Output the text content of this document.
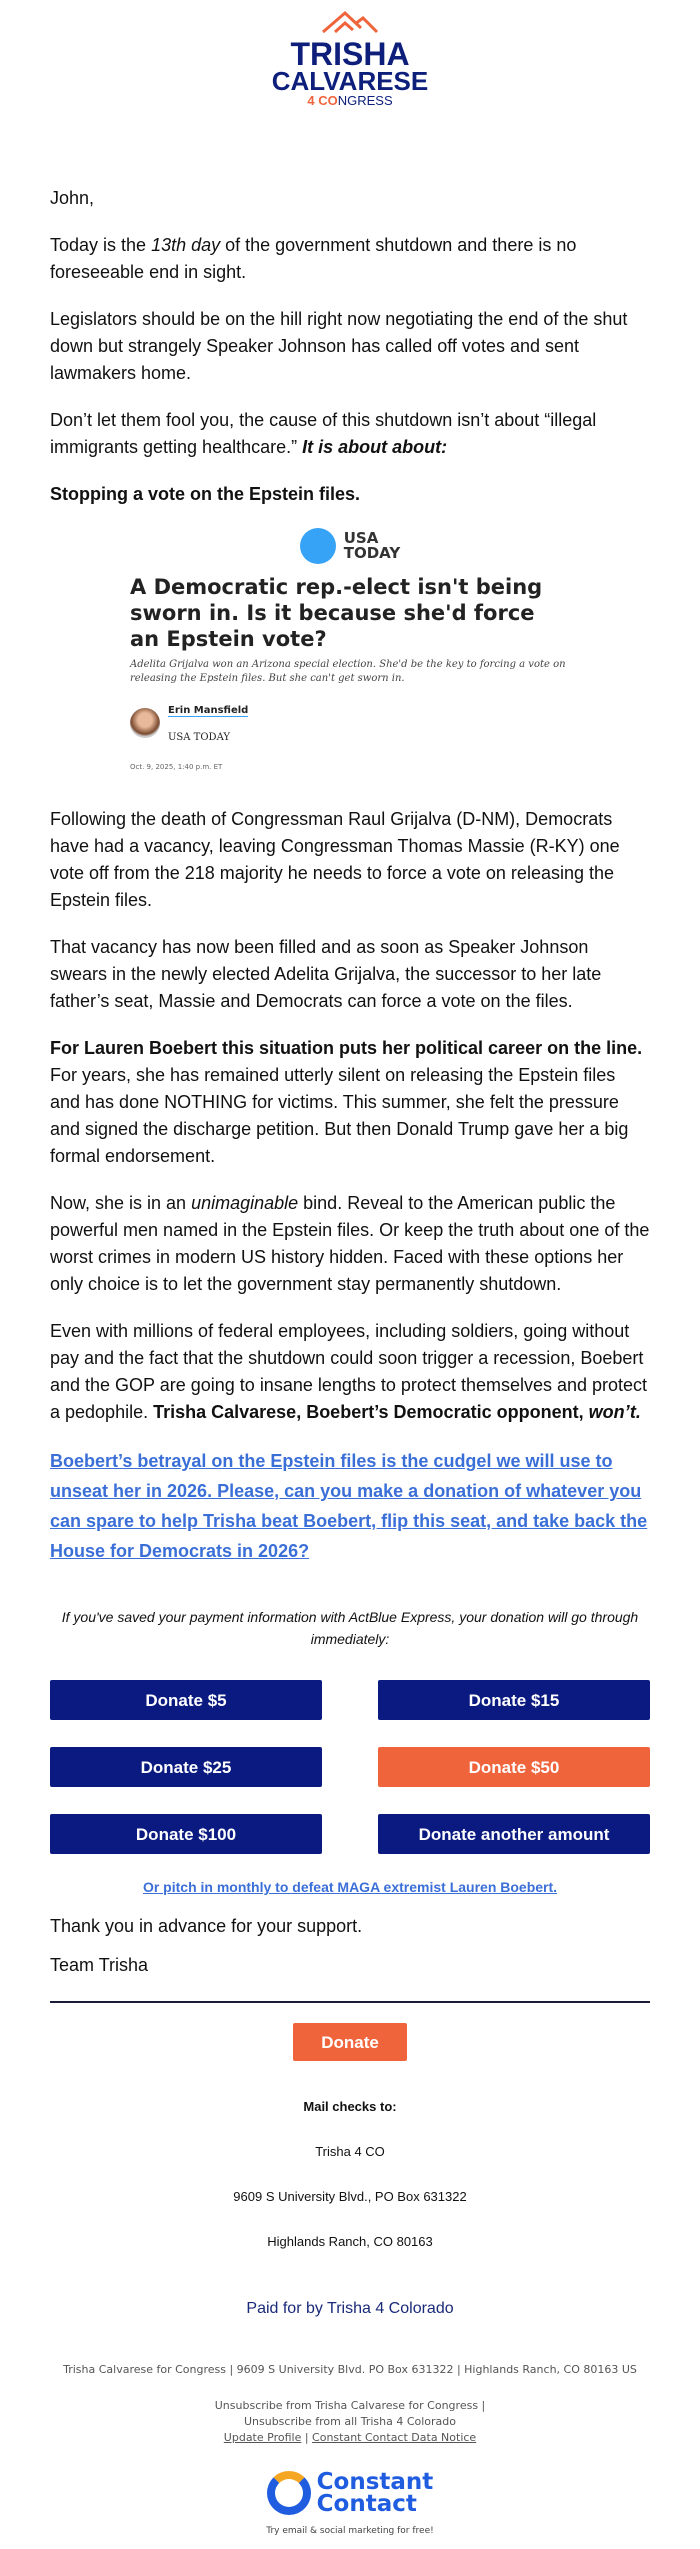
TRISHA
CALVARESE
4 CONGRESS

John,

Today is the 13th day of the government shutdown and there is no foreseeable end in sight.

Legislators should be on the hill right now negotiating the end of the shut down but strangely Speaker Johnson has called off votes and sent lawmakers home.

Don’t let them fool you, the cause of this shutdown isn’t about “illegal immigrants getting healthcare.” It is about about:

Stopping a vote on the Epstein files.

USA
TODAY
A Democratic rep.-elect isn't being sworn in. Is it because she'd force an Epstein vote?
Adelita Grijalva won an Arizona special election. She'd be the key to forcing a vote on releasing the Epstein files. But she can't get sworn in.
Erin Mansfield
USA TODAY
Oct. 9, 2025, 1:40 p.m. ET

Following the death of Congressman Raul Grijalva (D-NM), Democrats have had a vacancy, leaving Congressman Thomas Massie (R-KY) one vote off from the 218 majority he needs to force a vote on releasing the Epstein files.

That vacancy has now been filled and as soon as Speaker Johnson swears in the newly elected Adelita Grijalva, the successor to her late father’s seat, Massie and Democrats can force a vote on the files.

For Lauren Boebert this situation puts her political career on the line. For years, she has remained utterly silent on releasing the Epstein files and has done NOTHING for victims. This summer, she felt the pressure and signed the discharge petition. But then Donald Trump gave her a big formal endorsement.

Now, she is in an unimaginable bind. Reveal to the American public the powerful men named in the Epstein files. Or keep the truth about one of the worst crimes in modern US history hidden. Faced with these options her only choice is to let the government stay permanently shutdown.

Even with millions of federal employees, including soldiers, going without pay and the fact that the shutdown could soon trigger a recession, Boebert and the GOP are going to insane lengths to protect themselves and protect a pedophile. Trisha Calvarese, Boebert’s Democratic opponent, won’t.

Boebert’s betrayal on the Epstein files is the cudgel we will use to unseat her in 2026. Please, can you make a donation of whatever you can spare to help Trisha beat Boebert, flip this seat, and take back the House for Democrats in 2026?

If you've saved your payment information with ActBlue Express, your donation will go through immediately:
Donate $5	Donate $15
Donate $25	Donate $50
Donate $100	Donate another amount
Or pitch in monthly to defeat MAGA extremist Lauren Boebert.

Thank you in advance for your support.

Team Trisha

Donate

Mail checks to:

Trisha 4 CO

9609 S University Blvd., PO Box 631322

Highlands Ranch, CO 80163

Paid for by Trisha 4 Colorado
Trisha Calvarese for Congress | 9609 S University Blvd. PO Box 631322 | Highlands Ranch, CO 80163 US
Unsubscribe from Trisha Calvarese for Congress |
Unsubscribe from all Trisha 4 Colorado
Update Profile | Constant Contact Data Notice
Constant
Contact
Try email & social marketing for free!
